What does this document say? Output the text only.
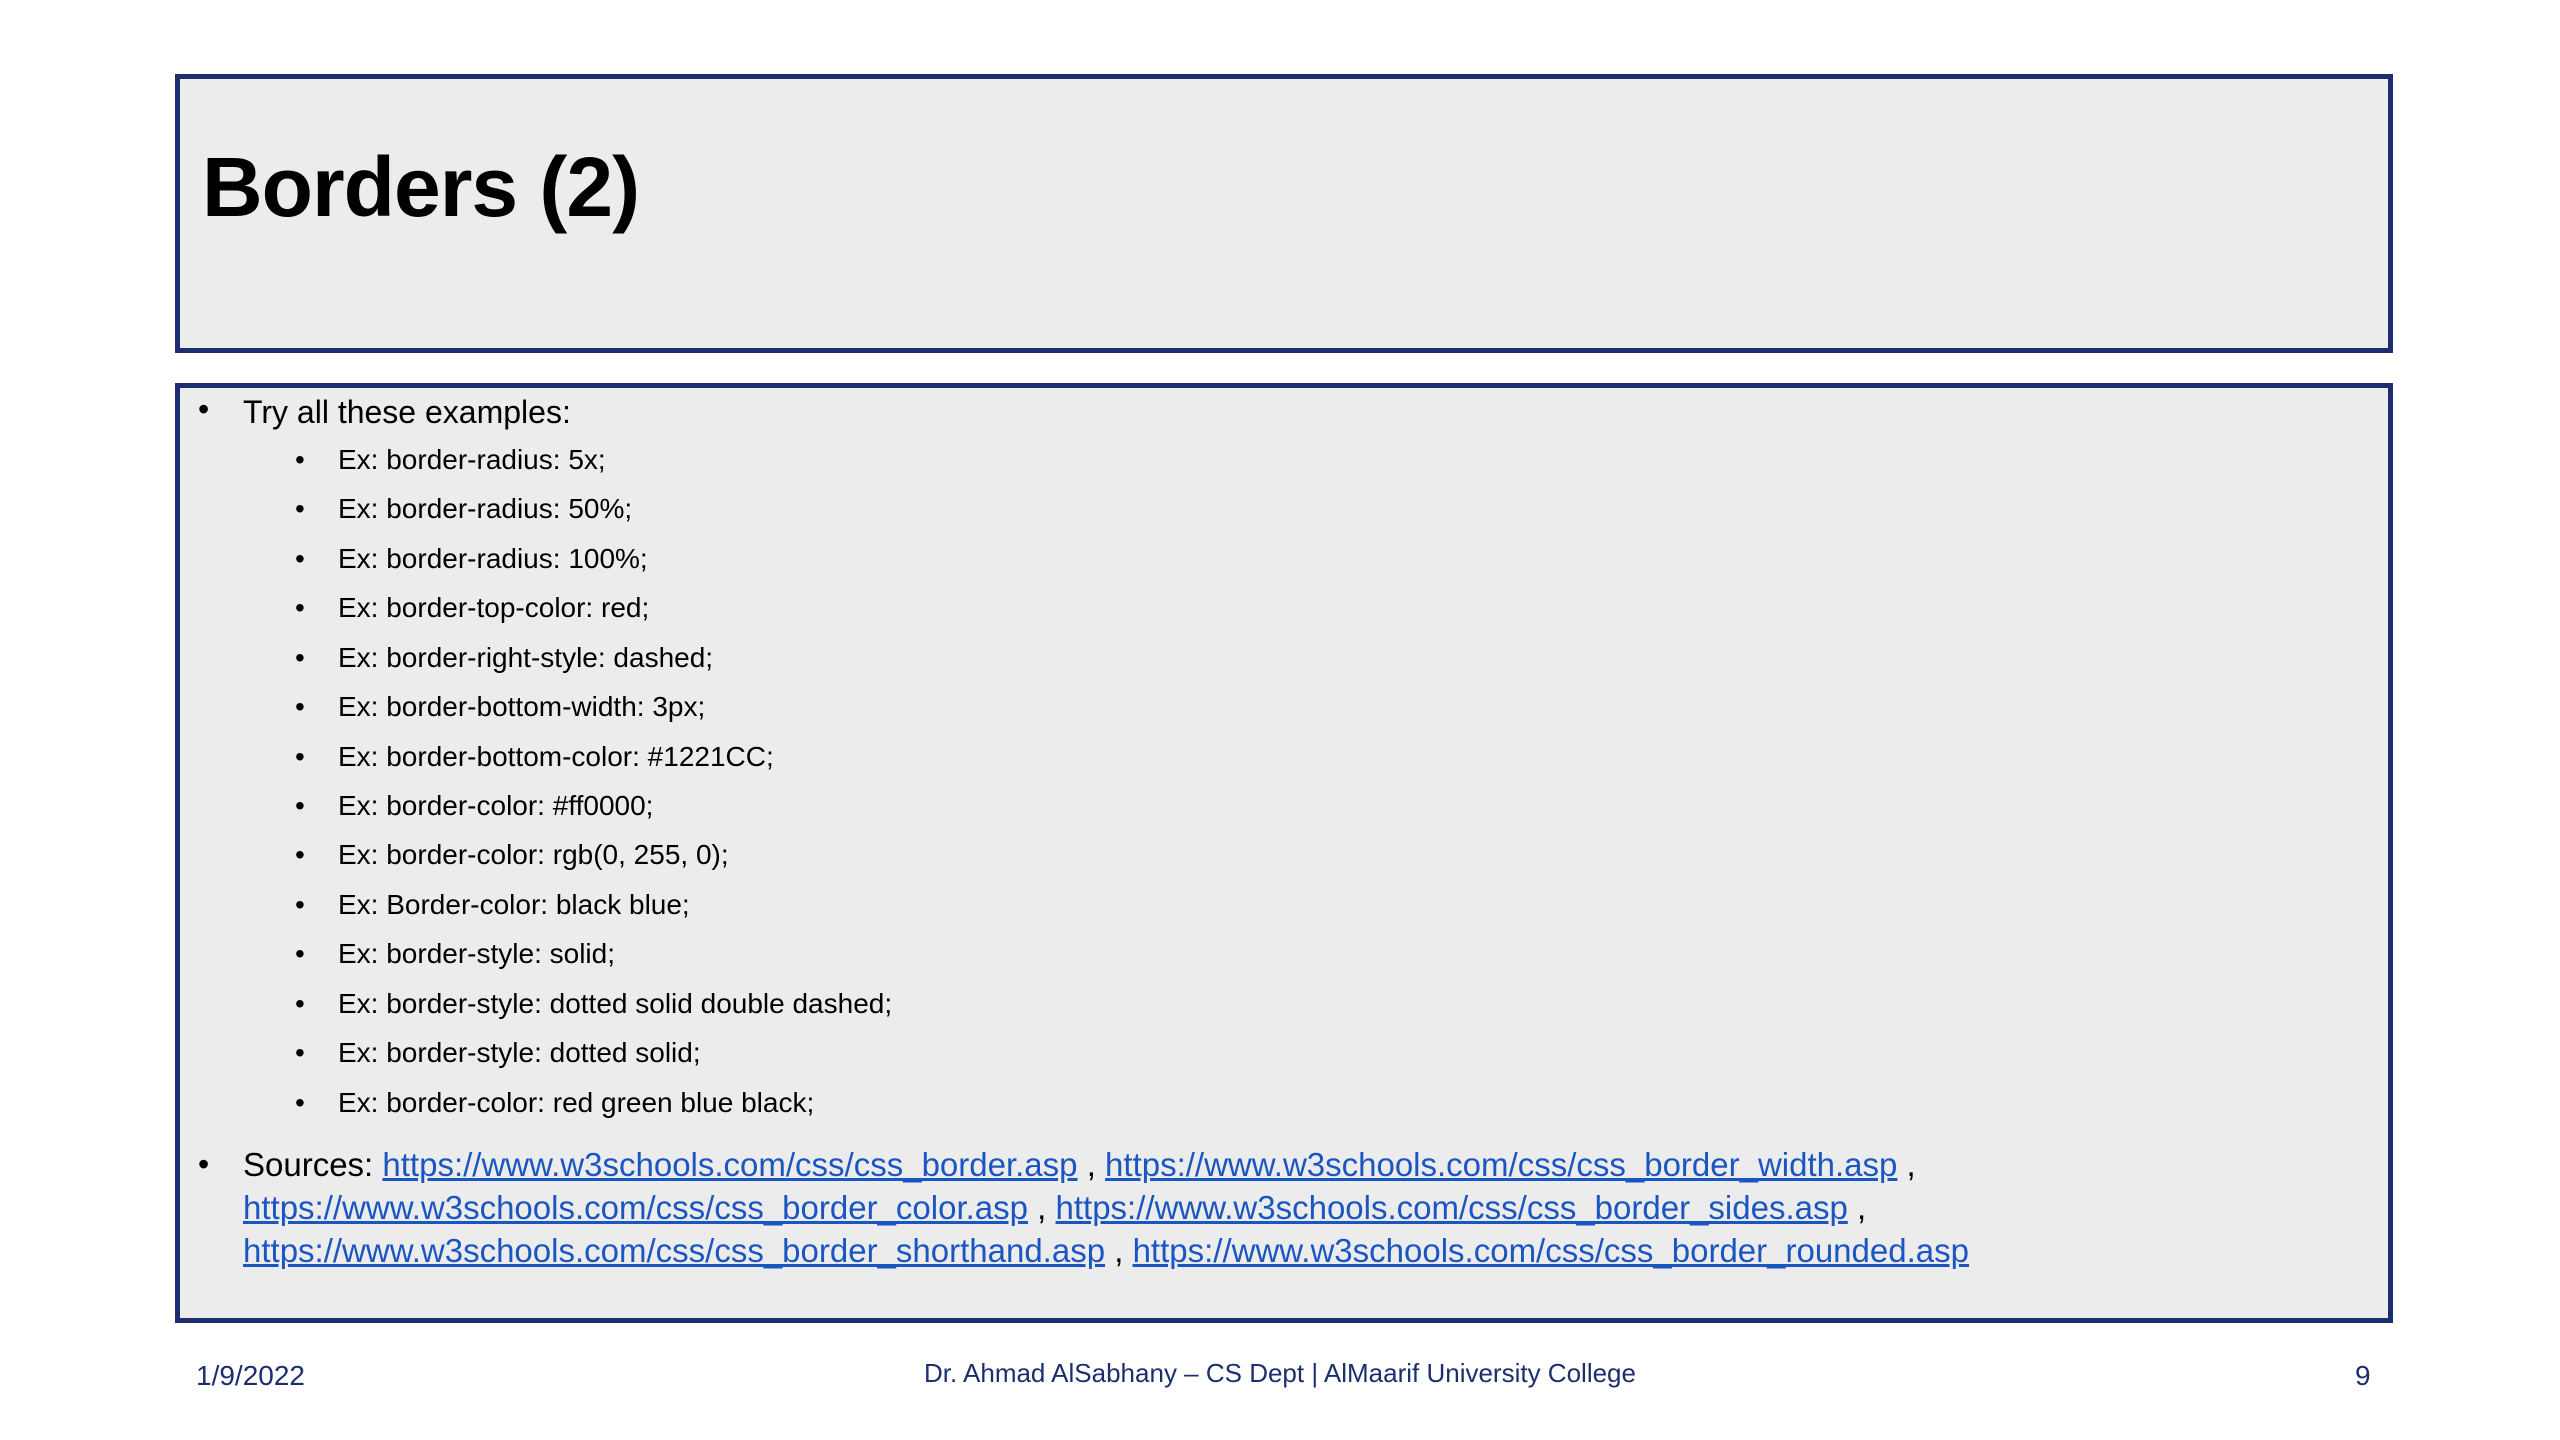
Borders (2)
• Try all these examples:
• Ex: border-radius: 5x;
• Ex: border-radius: 50%;
• Ex: border-radius: 100%;
• Ex: border-top-color: red;
• Ex: border-right-style: dashed;
• Ex: border-bottom-width: 3px;
• Ex: border-bottom-color: #1221CC;
• Ex: border-color: #ff0000;
• Ex: border-color: rgb(0, 255, 0);
• Ex: Border-color: black blue;
• Ex: border-style: solid;
• Ex: border-style: dotted solid double dashed;
• Ex: border-style: dotted solid;
• Ex: border-color: red green blue black;
• Sources: https://www.w3schools.com/css/css_border.asp , https://www.w3schools.com/css/css_border_width.asp ,
https://www.w3schools.com/css/css_border_color.asp , https://www.w3schools.com/css/css_border_sides.asp ,
https://www.w3schools.com/css/css_border_shorthand.asp , https://www.w3schools.com/css/css_border_rounded.asp
1/9/2022	Dr. Ahmad AlSabhany – CS Dept | AlMaarif University College	9
